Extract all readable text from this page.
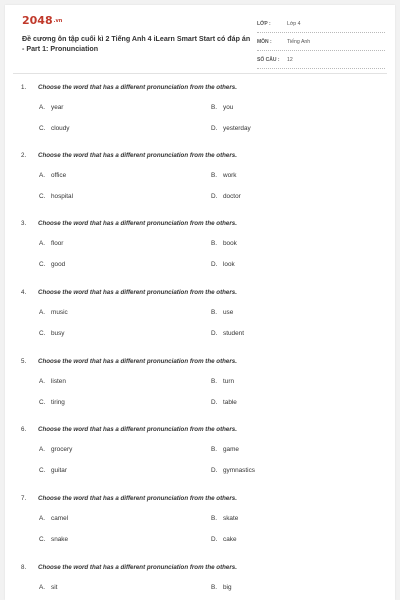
2048.vn
Đề cương ôn tập cuối kì 2 Tiếng Anh 4 iLearn Smart Start có đáp án - Part 1: Pronunciation
LỚP :	Lớp 4
MÔN :	Tiếng Anh
SỐ CÂU : 12
1. Choose the word that has a different pronunciation from the others.
A. year	B. you
C. cloudy	D. yesterday
2. Choose the word that has a different pronunciation from the others.
A. office	B. work
C. hospital	D. doctor
3. Choose the word that has a different pronunciation from the others.
A. floor	B. book
C. good	D. look
4. Choose the word that has a different pronunciation from the others.
A. music	B. use
C. busy	D. student
5. Choose the word that has a different pronunciation from the others.
A. listen	B. turn
C. tiring	D. table
6. Choose the word that has a different pronunciation from the others.
A. grocery	B. game
C. guitar	D. gymnastics
7. Choose the word that has a different pronunciation from the others.
A. camel	B. skate
C. snake	D. cake
8. Choose the word that has a different pronunciation from the others.
A. sit	B. big
